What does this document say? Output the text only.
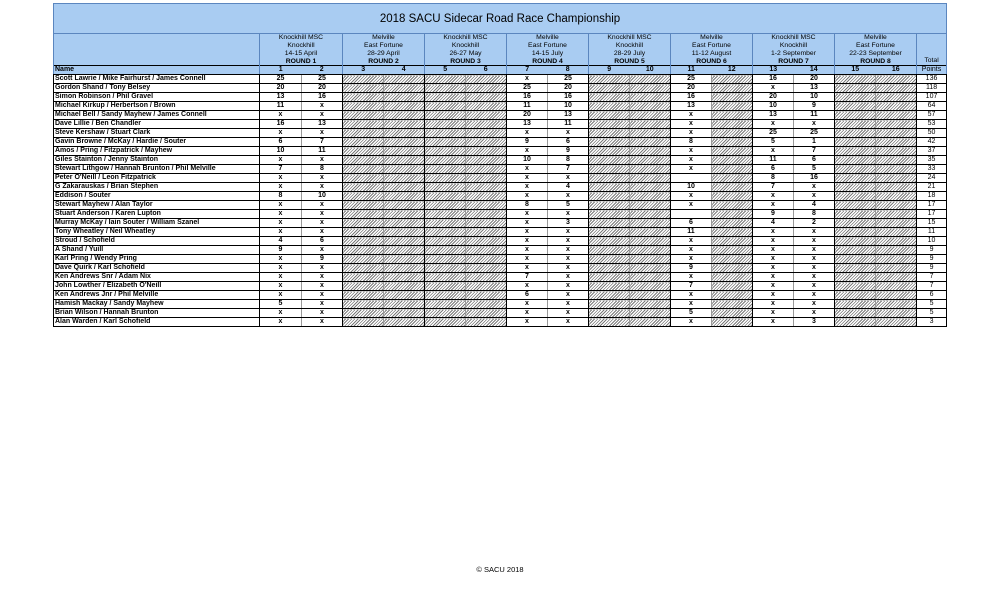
2018 SACU Sidecar Road Race Championship																	
	Knockhill MSC		Melville		Knockhill MSC		Melville		Knockhill MSC		Melville		Knockhill MSC		Melville		Total

	Knockhill		East Fortune		Knockhill		East Fortune		Knockhill		East Fortune		Knockhill		East Fortune		
	14-15 April		28-29 April		26-27 May		14-15 July		28-29 July		11-12 August		1-2 September		22-23 September		
	ROUND 1		ROUND 2		ROUND 3		ROUND 4		ROUND 5		ROUND 6		ROUND 7		ROUND 8		
Name	1	2	3	4	5	6	7	8	9	10	11	12	13	14	15	16	Points
Scott Lawrie / Mike Fairhurst / James Connell	25	25					x	25			25		16	20			136
Gordon Shand / Tony Belsey	20	20					25	20			20		x	13			118
Simon Robinson / Phil Gravel	13	16					16	16			16		20	10			107
Michael Kirkup / Herbertson / Brown	11	x					11	10			13		10	9			64
Michael Bell / Sandy Mayhew / James Connell	x	x					20	13			x		13	11			57
Dave Lillie / Ben Chandler	16	13					13	11			x		x	x			53
Steve Kershaw / Stuart Clark	x	x					x	x			x		25	25			50
Gavin Browne / McKay / Hardie / Souter	6	7					9	6			8		5	1			42
Amos / Pring / Fitzpatrick / Mayhew	10	11					x	9			x		x	7			37
Giles Stainton / Jenny Stainton	x	x					10	8			x		11	6			35
Stewart Lithgow / Hannah Brunton / Phil Melville	7	8					x	7			x		6	5			33
Peter O'Neill / Leon Fitzpatrick	x	x					x	x					8	16			24
G Zakarauskas / Brian Stephen	x	x					x	4			10		7	x			21
Eddison / Souter	8	10					x	x			x		x	x			18
Stewart Mayhew / Alan Taylor	x	x					8	5			x		x	4			17
Stuart Anderson / Karen Lupton	x	x					x	x					9	8			17
Murray McKay / Iain Souter / William Szanel	x	x					x	3			6		4	2			15
Tony Wheatley / Neil Wheatley	x	x					x	x			11		x	x			11
Stroud / Schofield	4	6					x	x			x		x	x			10
A Shand / Yuill	9	x					x	x			x		x	x			9
Karl Pring / Wendy Pring	x	9					x	x			x		x	x			9
Dave Quirk / Karl Schofield	x	x					x	x			9		x	x			9
Ken Andrews Snr / Adam Nix	x	x					7	x			x		x	x			7
John Lowther / Elizabeth O'Neill	x	x					x	x			7		x	x			7
Ken Andrews Jnr / Phil Melville	x	x					6	x			x		x	x			6
Hamish Mackay / Sandy Mayhew	5	x					x	x			x		x	x			5
Brian Wilson / Hannah Brunton	x	x					x	x			5		x	x			5
Alan Warden / Karl Schofield	x	x					x	x			x		x	3			3
© SACU 2018
